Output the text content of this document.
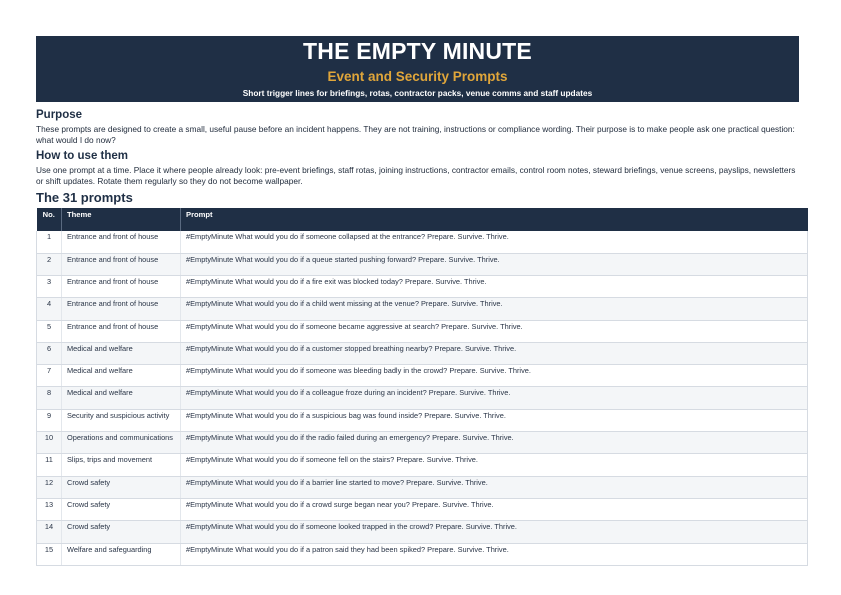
THE EMPTY MINUTE
Event and Security Prompts
Short trigger lines for briefings, rotas, contractor packs, venue comms and staff updates
Purpose

These prompts are designed to create a small, useful pause before an incident happens. They are not training, instructions or compliance wording. Their purpose is to make people ask one practical question: what would I do now?

How to use them

Use one prompt at a time. Place it where people already look: pre-event briefings, staff rotas, joining instructions, contractor emails, control room notes, steward briefings, venue screens, payslips, newsletters or shift updates. Rotate them regularly so they do not become wallpaper.

The 31 prompts
No.	Theme	Prompt
1	Entrance and front of house	#EmptyMinute What would you do if someone collapsed at the entrance? Prepare. Survive. Thrive.
2	Entrance and front of house	#EmptyMinute What would you do if a queue started pushing forward? Prepare. Survive. Thrive.
3	Entrance and front of house	#EmptyMinute What would you do if a fire exit was blocked today? Prepare. Survive. Thrive.
4	Entrance and front of house	#EmptyMinute What would you do if a child went missing at the venue? Prepare. Survive. Thrive.
5	Entrance and front of house	#EmptyMinute What would you do if someone became aggressive at search? Prepare. Survive. Thrive.
6	Medical and welfare	#EmptyMinute What would you do if a customer stopped breathing nearby? Prepare. Survive. Thrive.
7	Medical and welfare	#EmptyMinute What would you do if someone was bleeding badly in the crowd? Prepare. Survive. Thrive.
8	Medical and welfare	#EmptyMinute What would you do if a colleague froze during an incident? Prepare. Survive. Thrive.
9	Security and suspicious activity	#EmptyMinute What would you do if a suspicious bag was found inside? Prepare. Survive. Thrive.
10	Operations and communications	#EmptyMinute What would you do if the radio failed during an emergency? Prepare. Survive. Thrive.
11	Slips, trips and movement	#EmptyMinute What would you do if someone fell on the stairs? Prepare. Survive. Thrive.
12	Crowd safety	#EmptyMinute What would you do if a barrier line started to move? Prepare. Survive. Thrive.
13	Crowd safety	#EmptyMinute What would you do if a crowd surge began near you? Prepare. Survive. Thrive.
14	Crowd safety	#EmptyMinute What would you do if someone looked trapped in the crowd? Prepare. Survive. Thrive.
15	Welfare and safeguarding	#EmptyMinute What would you do if a patron said they had been spiked? Prepare. Survive. Thrive.
